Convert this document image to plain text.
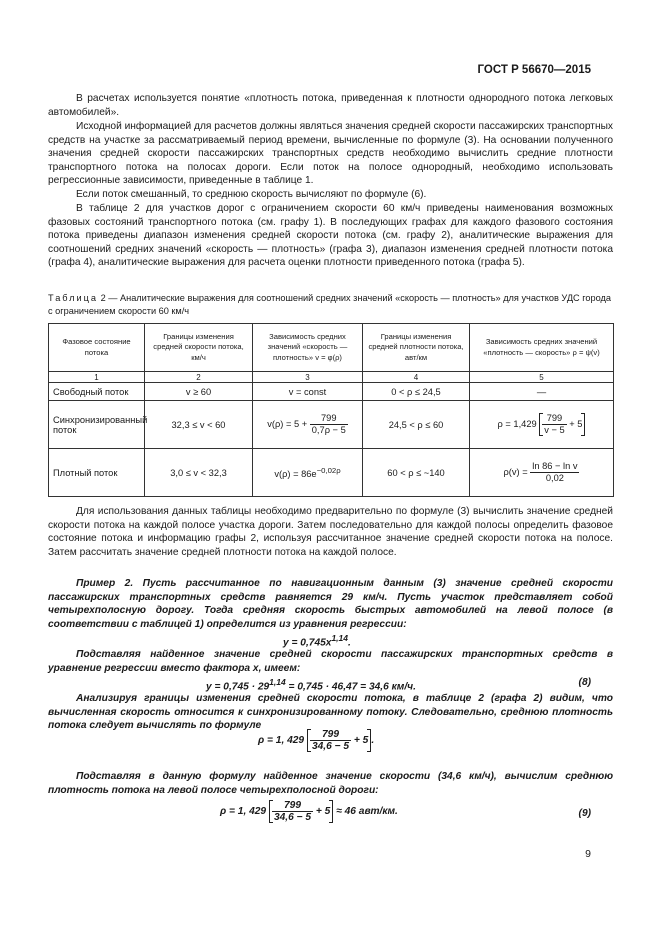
ГОСТ Р 56670—2015

В расчетах используется понятие «плотность потока, приведенная к плотности однородного потока легковых автомобилей».

Исходной информацией для расчетов должны являться значения средней скорости пассажирских транспортных средств на участке за рассматриваемый период времени, вычисленные по формуле (3). На основании полученного значения средней скорости пассажирских транспортных средств необходимо вычислить средние плотности транспортного потока на полосах дороги. Если поток на полосе однородный, необходимо использовать регрессионные зависимости, приведенные в таблице 1.

Если поток смешанный, то среднюю скорость вычисляют по формуле (6).

В таблице 2 для участков дорог с ограничением скорости 60 км/ч приведены наименования возможных фазовых состояний транспортного потока (см. графу 1). В последующих графах для каждого фазового состояния потока приведены диапазон изменения средней скорости потока (см. графу 2), аналитические выражения для соотношений средних значений «скорость — плотность» (графа 3), диапазон изменения средней плотности потока (графа 4), аналитические выражения для расчета оценки плотности приведенного потока (графа 5).

Таблица 2 — Аналитические выражения для соотношений средних значений «скорость — плотность» для участков УДС города с ограничением скорости 60 км/ч

Фазовое состояние потока	Границы изменения средней скорости потока, км/ч	Зависимость средних значений «скорость — плотность» v = φ(ρ)	Границы изменения средней плотности потока, авт/км	Зависимость средних значений «плотность — скорость» ρ = ψ(v)
1	2	3	4	5
Свободный поток	v ≥ 60	v = const	0 < ρ ≤ 24,5	—
Синхронизированный поток	32,3 ≤ v < 60	$v(\rho) = 5 + \frac{799}{0,7\rho - 5}$	24,5 < ρ ≤ 60	$\rho = 1,429 \frac{799}{v - 5} + 5$
Плотный поток	3,0 ≤ v < 32,3	$v(\rho) = 86e^{-0,02\rho}$	60 < ρ ≤ ~140	$\rho(v) = \frac{\text{ln 86 − ln v}}{0,02}$

Для использования данных таблицы необходимо предварительно по формуле (3) вычислить значение средней скорости потока на каждой полосе участка дороги. Затем последовательно для каждой полосы определить фазовое состояние потока и информацию графы 2, используя рассчитанное значение средней скорости потока на полосе. Затем рассчитать значение средней плотности потока на каждой полосе.

Пример 2. Пусть рассчитанное по навигационным данным (3) значение средней скорости пассажирских транспортных средств равняется 29 км/ч. Пусть участок представляет собой четырехполосную дорогу. Тогда средняя скорость быстрых автомобилей на левой полосе (в соответствии с таблицей 1) определится из уравнения регрессии:

$y = 0,745x^{1,14}$.

Подставляя найденное значение средней скорости пассажирских транспортных средств в уравнение регрессии вместо фактора x, имеем:

$y = 0,745 \cdot 29^{1,14} = 0,745 \cdot 46,47 = 34,6$ км/ч.	(8)

Анализируя границы изменения средней скорости потока, в таблице 2 (графа 2) видим, что вычисленная скорость относится к синхронизированному потоку. Следовательно, среднюю плотность потока следует вычислять по формуле

ρ = 1, $429 \frac{799}{34,6 - 5} + 5$ .

Подставляя в данную формулу найденное значение скорости (34,6 км/ч), вычислим среднюю плотность потока на левой полосе четырехполосной дороги:

ρ = 1, $429 \frac{799}{34,6 - 5} + 5 \approx 46$ авт/км.	(9)
9
